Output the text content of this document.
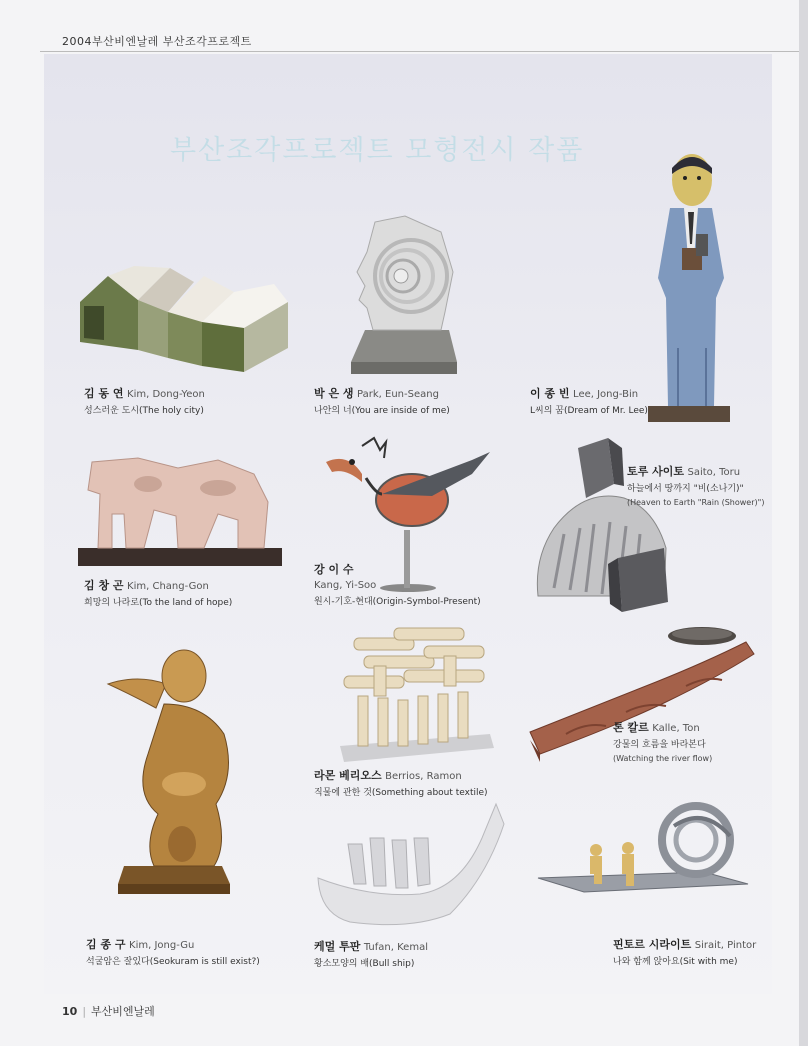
2004부산비엔날레 부산조각프로젝트
부산조각프로젝트 모형전시 작품
김 동 연 Kim, Dong-Yeon
성스러운 도시(The holy city)
박 은 생 Park, Eun-Seang
나안의 너(You are inside of me)
이 종 빈 Lee, Jong-Bin
L씨의 꿈(Dream of Mr. Lee)
김 창 곤 Kim, Chang-Gon
희망의 나라로(To the land of hope)
강 이 수
Kang, Yi-Soo
원시-기호-현대(Origin-Symbol-Present)
토루 사이토 Saito, Toru
하늘에서 땅까지 "비(소나기)"
(Heaven to Earth "Rain (Shower)")
김 종 구 Kim, Jong-Gu
석굴암은 잘있다(Seokuram is still exist?)
라몬 베리오스 Berrios, Ramon
직물에 관한 것(Something about textile)
톤 칼르 Kalle, Ton
강물의 흐름을 바라본다
(Watching the river flow)
케멀 투판 Tufan, Kemal
황소모양의 배(Bull ship)
핀토르 시라이트 Sirait, Pintor
나와 함께 앉아요(Sit with me)
10 | 부산비엔날레
